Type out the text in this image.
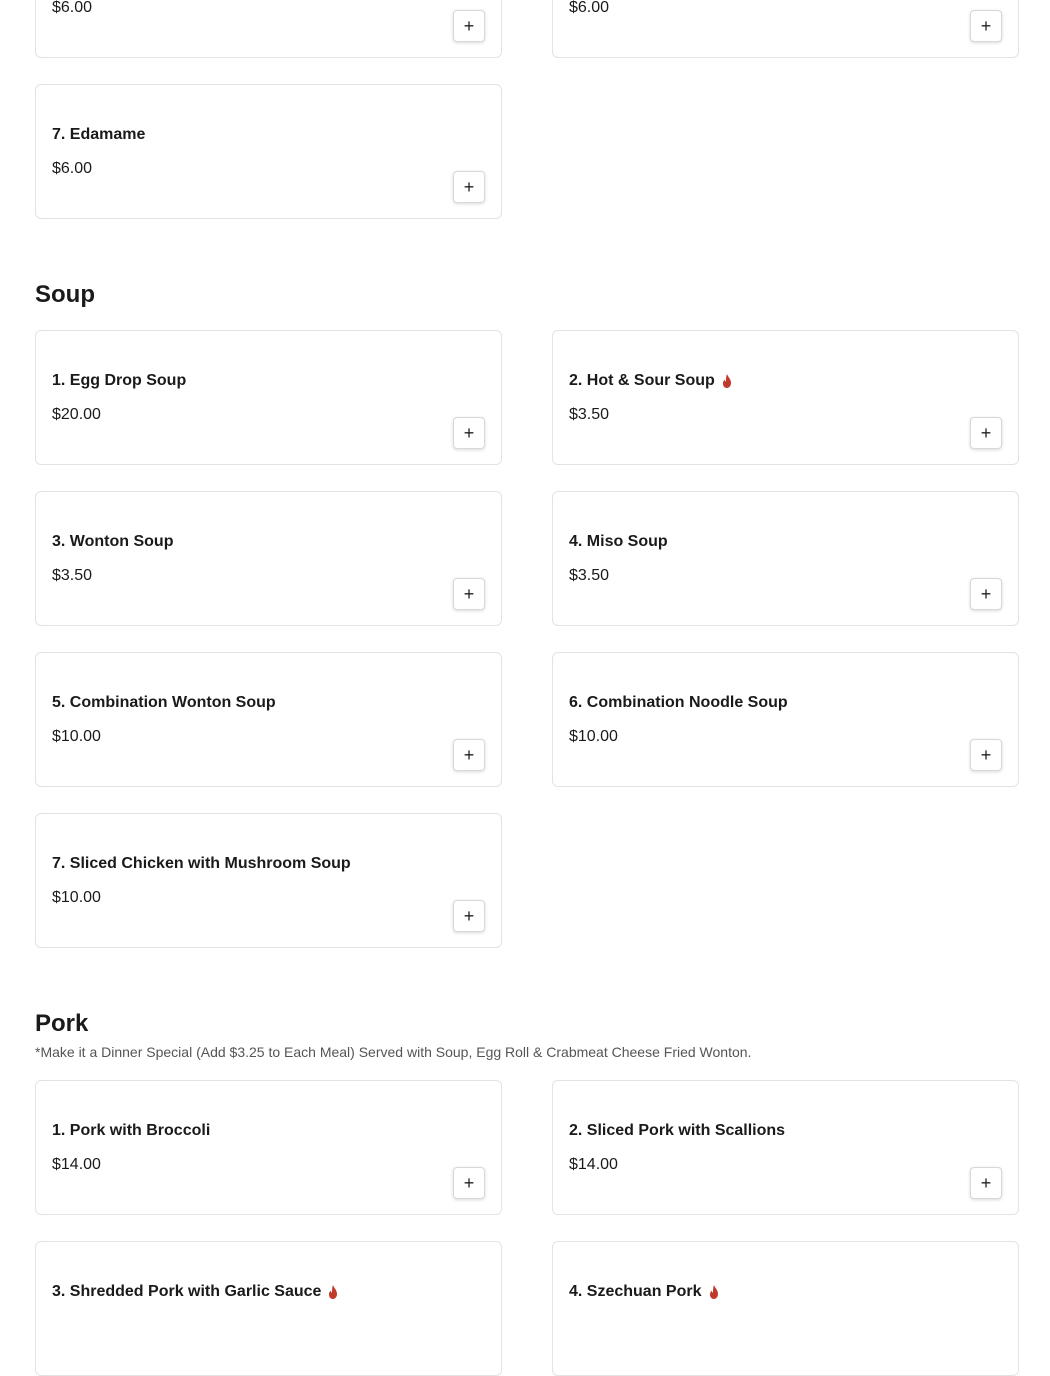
$6.00
+
$6.00
+
7. Edamame
$6.00
+
Soup
1. Egg Drop Soup
$20.00
+
2. Hot & Sour Soup
$3.50
+
3. Wonton Soup
$3.50
+
4. Miso Soup
$3.50
+
5. Combination Wonton Soup
$10.00
+
6. Combination Noodle Soup
$10.00
+
7. Sliced Chicken with Mushroom Soup
$10.00
+
Pork
*Make it a Dinner Special (Add $3.25 to Each Meal) Served with Soup, Egg Roll & Crabmeat Cheese Fried Wonton.
1. Pork with Broccoli
$14.00
+
2. Sliced Pork with Scallions
$14.00
+
3. Shredded Pork with Garlic Sauce	4. Szechuan Pork
